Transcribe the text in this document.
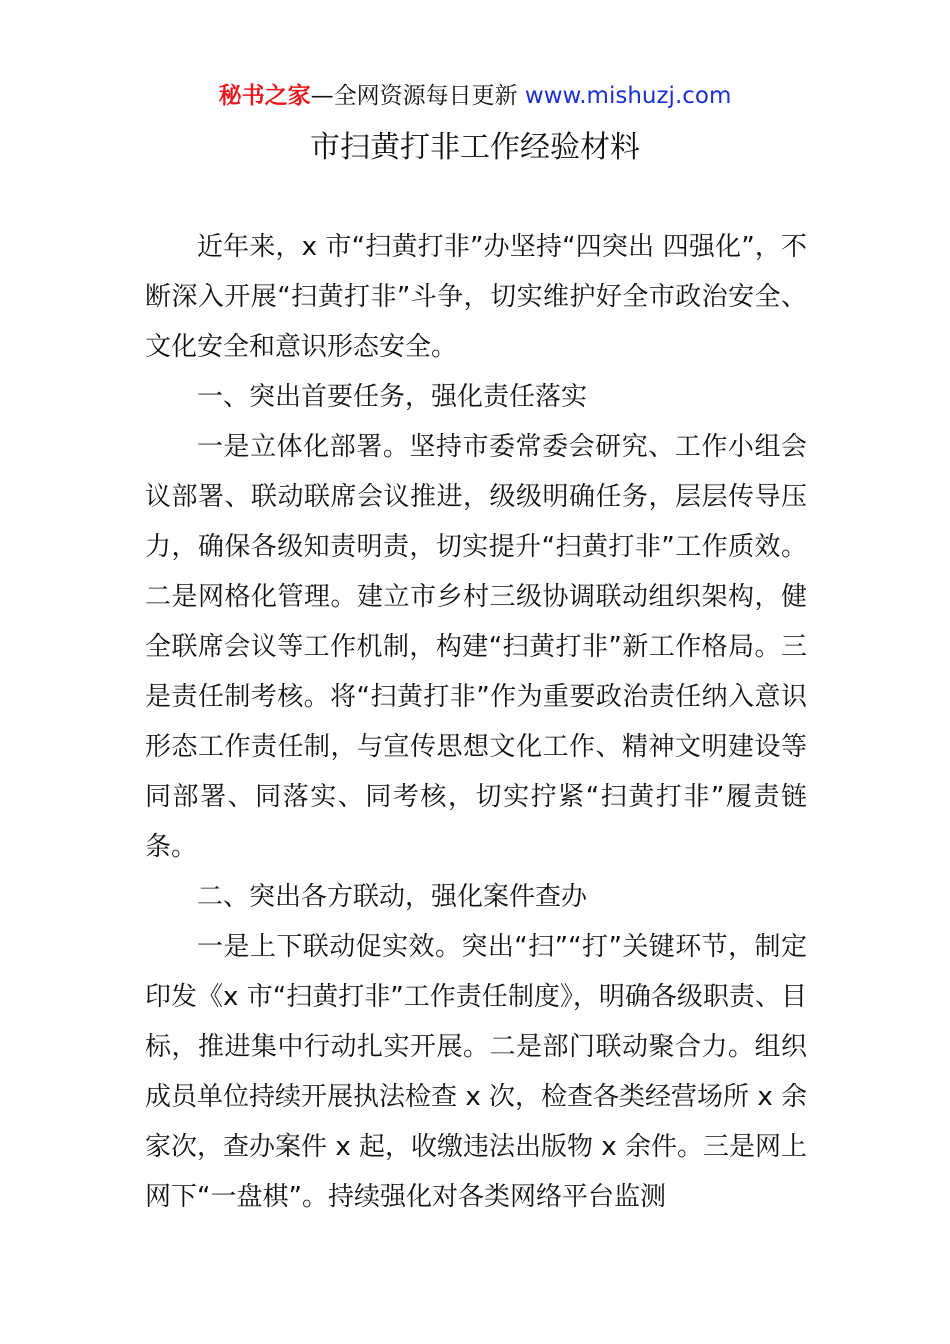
秘书之家—全网资源每日更新 www.mishuzj.com
市扫黄打非工作经验材料

近年来，x 市“扫黄打非”办坚持“四突出 四强化”，不断深入开展“扫黄打非”斗争，切实维护好全市政治安全、文化安全和意识形态安全。

一、突出首要任务，强化责任落实

一是立体化部署。坚持市委常委会研究、工作小组会议部署、联动联席会议推进，级级明确任务，层层传导压力，确保各级知责明责，切实提升“扫黄打非”工作质效。二是网格化管理。建立市乡村三级协调联动组织架构，健全联席会议等工作机制，构建“扫黄打非”新工作格局。三是责任制考核。将“扫黄打非”作为重要政治责任纳入意识形态工作责任制，与宣传思想文化工作、精神文明建设等同部署、同落实、同考核，切实拧紧“扫黄打非”履责链条。

二、突出各方联动，强化案件查办

一是上下联动促实效。突出“扫”“打”关键环节，制定印发《x 市“扫黄打非”工作责任制度》，明确各级职责、目标，推进集中行动扎实开展。二是部门联动聚合力。组织成员单位持续开展执法检查 x 次，检查各类经营场所 x 余家次，查办案件 x 起，收缴违法出版物 x 余件。三是网上网下“一盘棋”。持续强化对各类网络平台监测
